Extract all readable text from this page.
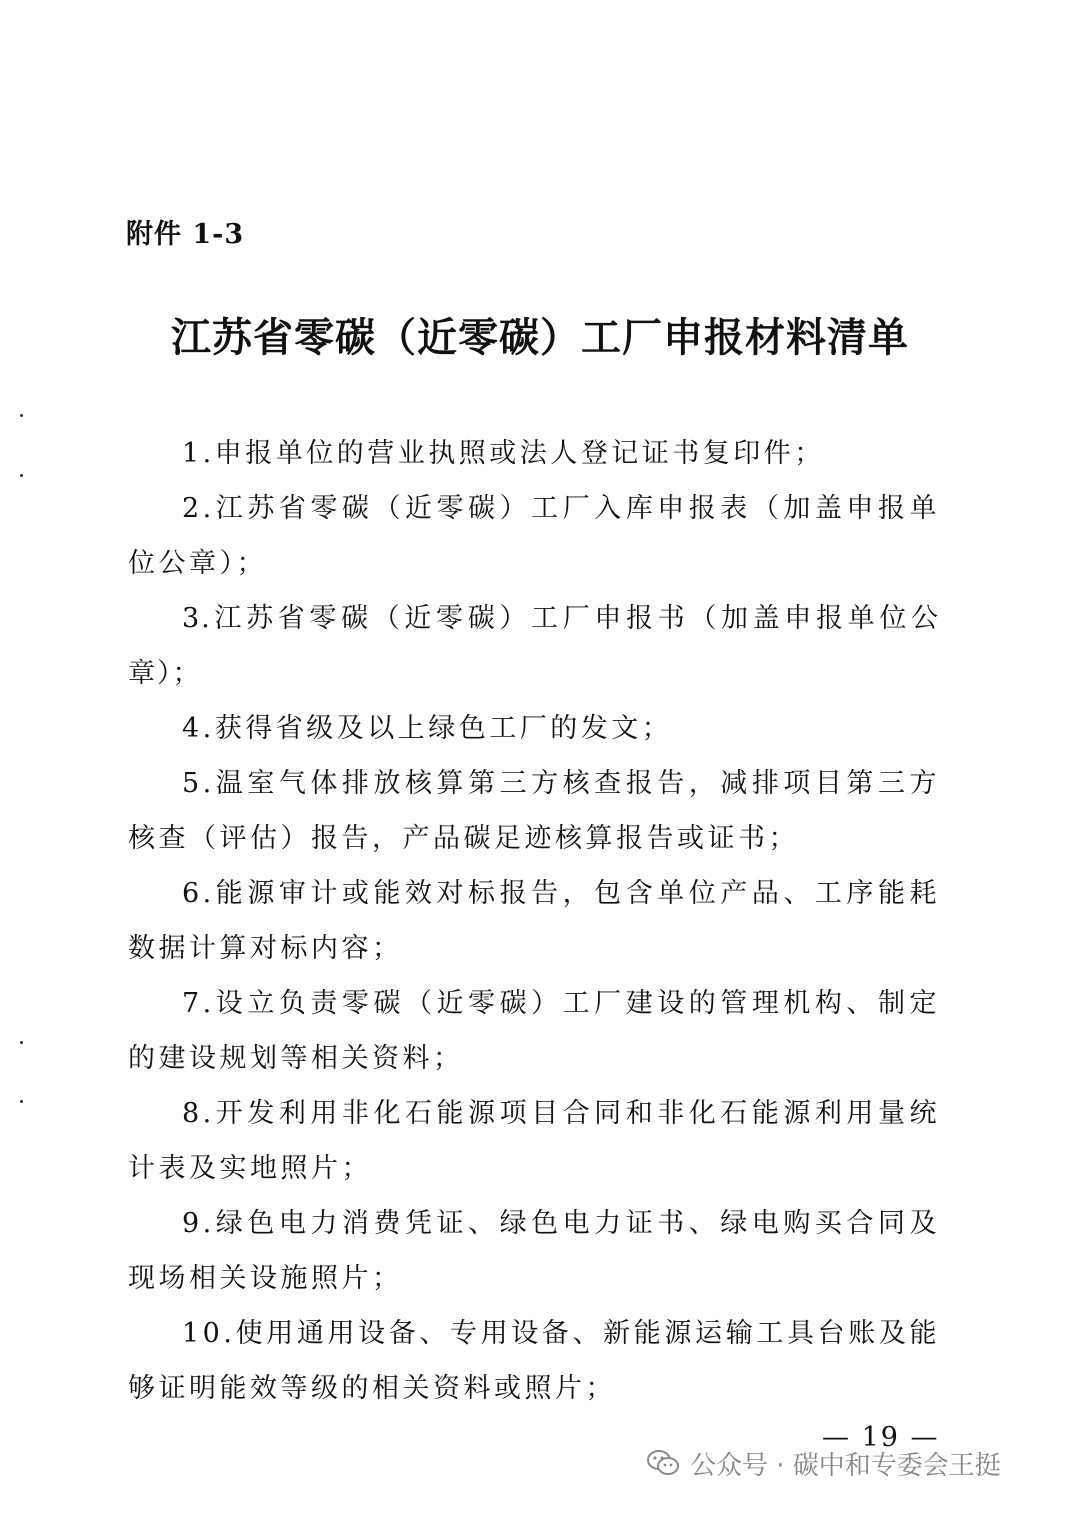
附件 1-3
江苏省零碳（近零碳）工厂申报材料清单

1.申报单位的营业执照或法人登记证书复印件；

2.江苏省零碳（近零碳）工厂入库申报表（加盖申报单位公章）；

3.江苏省零碳（近零碳）工厂申报书（加盖申报单位公章）；

4.获得省级及以上绿色工厂的发文；

5.温室气体排放核算第三方核查报告，减排项目第三方核查（评估）报告，产品碳足迹核算报告或证书；

6.能源审计或能效对标报告，包含单位产品、工序能耗数据计算对标内容；

7.设立负责零碳（近零碳）工厂建设的管理机构、制定的建设规划等相关资料；

8.开发利用非化石能源项目合同和非化石能源利用量统计表及实地照片；

9.绿色电力消费凭证、绿色电力证书、绿电购买合同及现场相关设施照片；

10.使用通用设备、专用设备、新能源运输工具台账及能够证明能效等级的相关资料或照片；

— 19 —
公众号 · 碳中和专委会王挺
